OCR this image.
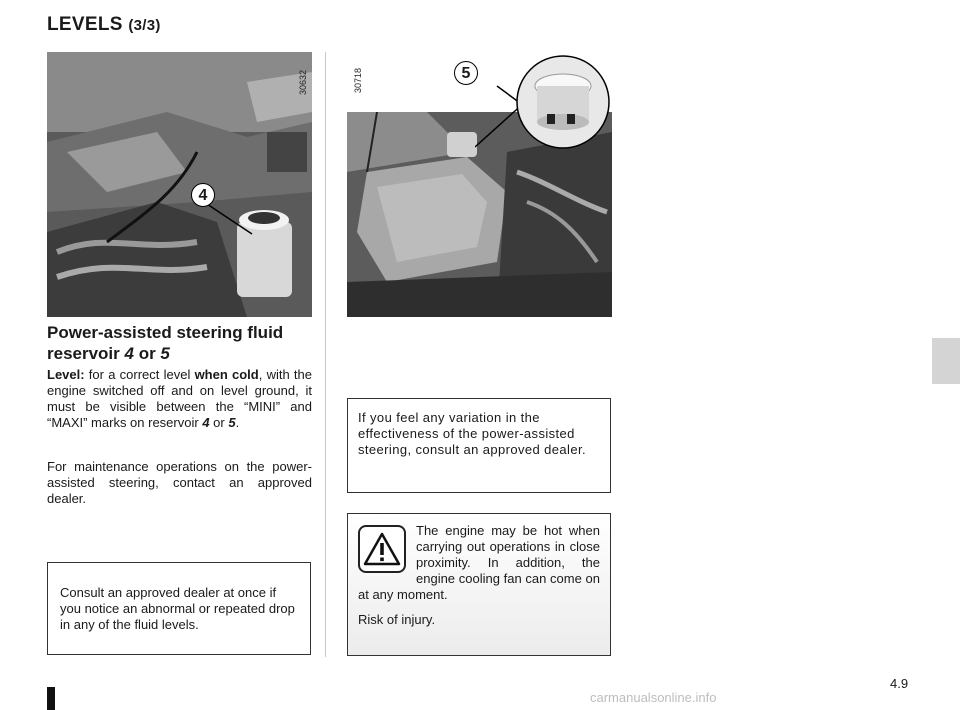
LEVELS (3/3)
4
30632	5
30718
Power-assisted steering fluid
reservoir 4 or 5
Level: for a correct level when cold, with the engine switched off and on level ground, it must be visible between the “MINI” and “MAXI” marks on reservoir 4 or 5.
For maintenance operations on the power-assisted steering, contact an approved dealer.
Consult an approved dealer at once if you notice an abnormal or repeated drop in any of the fluid levels.
If you feel any variation in the effectiveness of the power-assisted steering, consult an approved dealer.
The engine may be hot when carrying out operations in close proximity. In addition, the engine cooling fan can come on at any moment.
Risk of injury.
4.9
carmanualsonline.info
